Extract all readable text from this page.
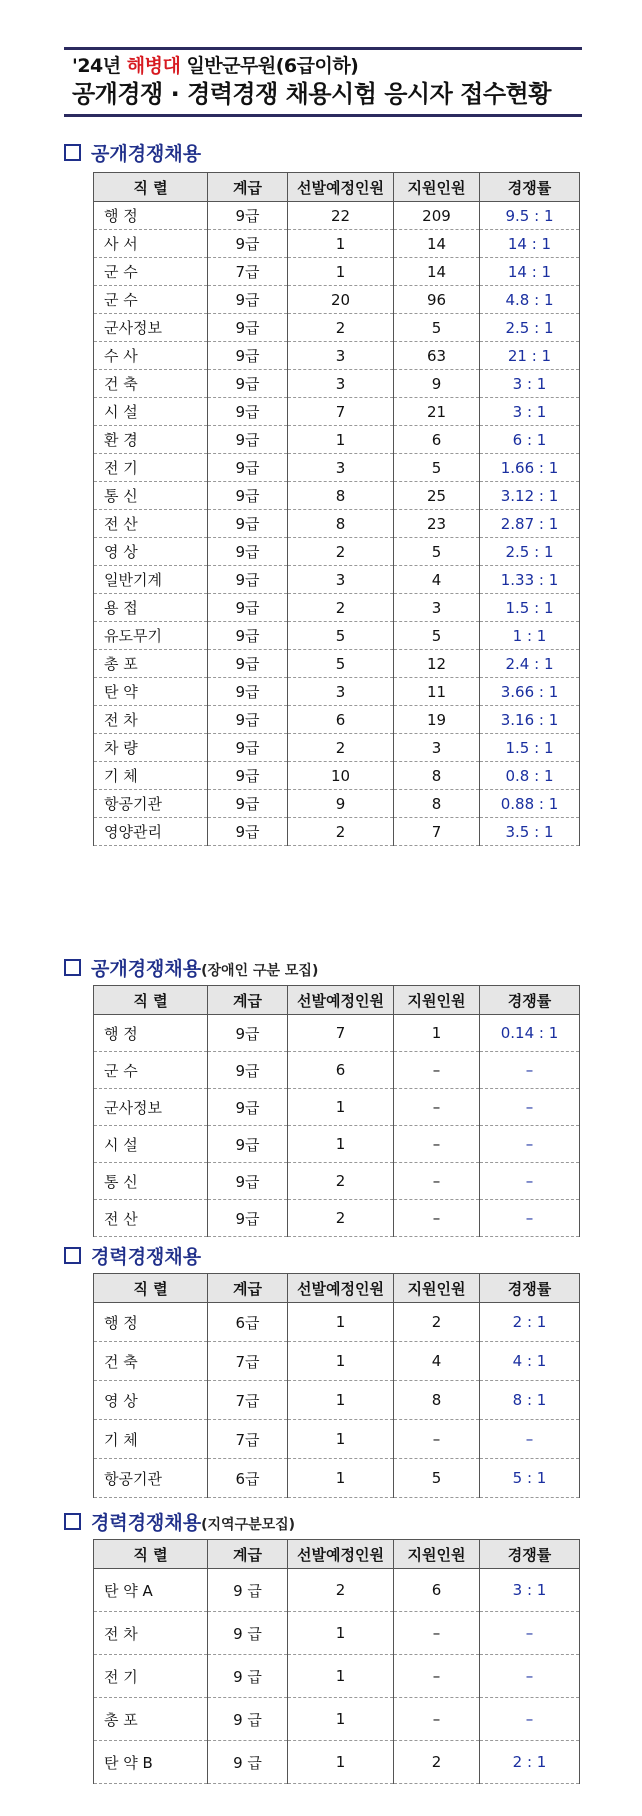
'24년 해병대 일반군무원(6급이하)
공개경쟁 · 경력경쟁 채용시험 응시자 접수현황
공개경쟁채용
직 렬	계급	선발예정인원	지원인원	경쟁률
행 정	9급	22	209	9.5 : 1
사 서	9급	1	14	14 : 1
군 수	7급	1	14	14 : 1
군 수	9급	20	96	4.8 : 1
군사정보	9급	2	5	2.5 : 1
수 사	9급	3	63	21 : 1
건 축	9급	3	9	3 : 1
시 설	9급	7	21	3 : 1
환 경	9급	1	6	6 : 1
전 기	9급	3	5	1.66 : 1
통 신	9급	8	25	3.12 : 1
전 산	9급	8	23	2.87 : 1
영 상	9급	2	5	2.5 : 1
일반기계	9급	3	4	1.33 : 1
용 접	9급	2	3	1.5 : 1
유도무기	9급	5	5	1 : 1
총 포	9급	5	12	2.4 : 1
탄 약	9급	3	11	3.66 : 1
전 차	9급	6	19	3.16 : 1
차 량	9급	2	3	1.5 : 1
기 체	9급	10	8	0.8 : 1
항공기관	9급	9	8	0.88 : 1
영양관리	9급	2	7	3.5 : 1
공개경쟁채용(장애인 구분 모집)
직 렬	계급	선발예정인원	지원인원	경쟁률
행 정	9급	7	1	0.14 : 1
군 수	9급	6	–	–
군사정보	9급	1	–	–
시 설	9급	1	–	–
통 신	9급	2	–	–
전 산	9급	2	–	–
경력경쟁채용
직 렬	계급	선발예정인원	지원인원	경쟁률
행 정	6급	1	2	2 : 1
건 축	7급	1	4	4 : 1
영 상	7급	1	8	8 : 1
기 체	7급	1	–	–
항공기관	6급	1	5	5 : 1
경력경쟁채용(지역구분모집)
직 렬	계급	선발예정인원	지원인원	경쟁률
탄 약 A	9 급	2	6	3 : 1
전 차	9 급	1	–	–
전 기	9 급	1	–	–
총 포	9 급	1	–	–
탄 약 B	9 급	1	2	2 : 1
